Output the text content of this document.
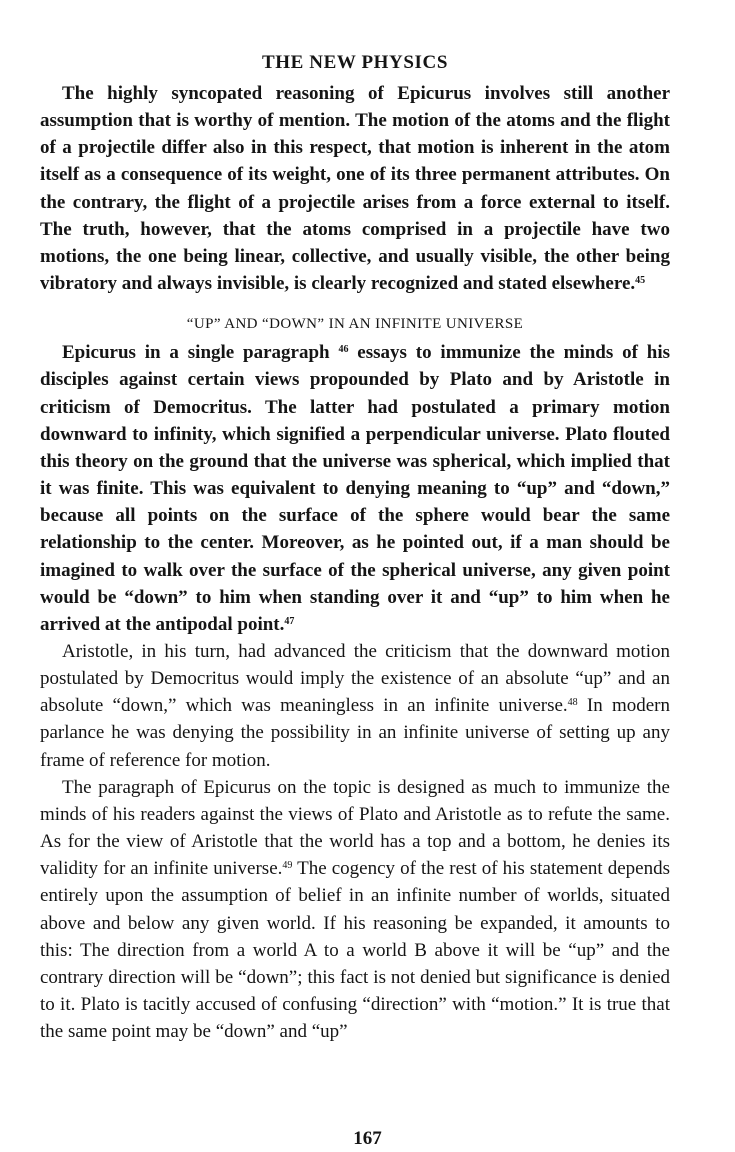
THE NEW PHYSICS

The highly syncopated reasoning of Epicurus involves still another assumption that is worthy of mention. The motion of the atoms and the flight of a projectile differ also in this respect, that motion is inherent in the atom itself as a consequence of its weight, one of its three permanent attributes. On the contrary, the flight of a projectile arises from a force external to itself. The truth, however, that the atoms comprised in a projectile have two motions, the one being linear, collective, and usually visible, the other being vibratory and always invisible, is clearly recognized and stated elsewhere.$^{45}$

“UP” AND “DOWN” IN AN INFINITE UNIVERSE

Epicurus in a single paragraph $^{46}$ essays to immunize the minds of his disciples against certain views propounded by Plato and by Aristotle in criticism of Democritus. The latter had postulated a primary motion downward to infinity, which signified a perpendicular universe. Plato flouted this theory on the ground that the universe was spherical, which implied that it was finite. This was equivalent to denying meaning to “up” and “down,” because all points on the surface of the sphere would bear the same relationship to the center. Moreover, as he pointed out, if a man should be imagined to walk over the surface of the spherical universe, any given point would be “down” to him when standing over it and “up” to him when he arrived at the antipodal point.$^{47}$

Aristotle, in his turn, had advanced the criticism that the downward motion postulated by Democritus would imply the existence of an absolute “up” and an absolute “down,” which was meaningless in an infinite universe.$^{48}$ In modern parlance he was denying the possibility in an infinite universe of setting up any frame of reference for motion.

The paragraph of Epicurus on the topic is designed as much to immunize the minds of his readers against the views of Plato and Aristotle as to refute the same. As for the view of Aristotle that the world has a top and a bottom, he denies its validity for an infinite universe.$^{49}$ The cogency of the rest of his statement depends entirely upon the assumption of belief in an infinite number of worlds, situated above and below any given world. If his reasoning be expanded, it amounts to this: The direction from a world A to a world B above it will be “up” and the contrary direction will be “down”; this fact is not denied but significance is denied to it. Plato is tacitly accused of confusing “direction” with “motion.” It is true that the same point may be “down” and “up”

167
